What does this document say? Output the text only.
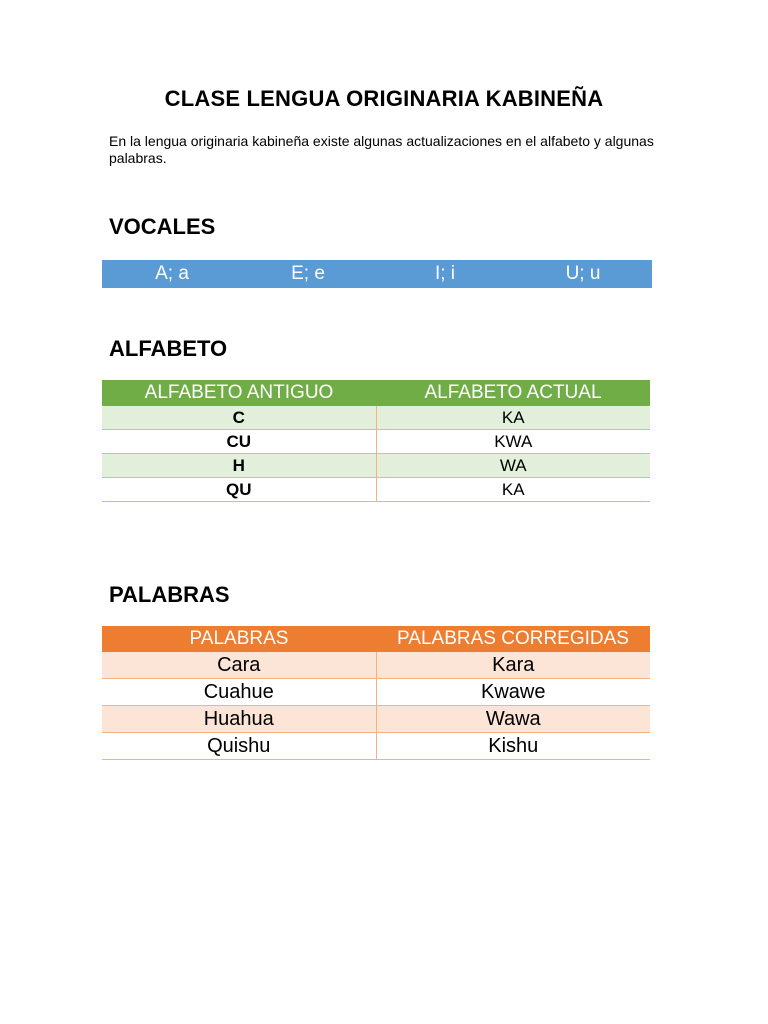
CLASE LENGUA ORIGINARIA KABINEÑA
En la lengua originaria kabineña existe algunas actualizaciones en el alfabeto y algunas palabras.
VOCALES
A; a	E; e	I; i	U; u
ALFABETO
ALFABETO ANTIGUO	ALFABETO ACTUAL
C	KA
CU	KWA
H	WA
QU	KA
PALABRAS
PALABRAS	PALABRAS CORREGIDAS
Cara	Kara
Cuahue	Kwawe
Huahua	Wawa
Quishu	Kishu
